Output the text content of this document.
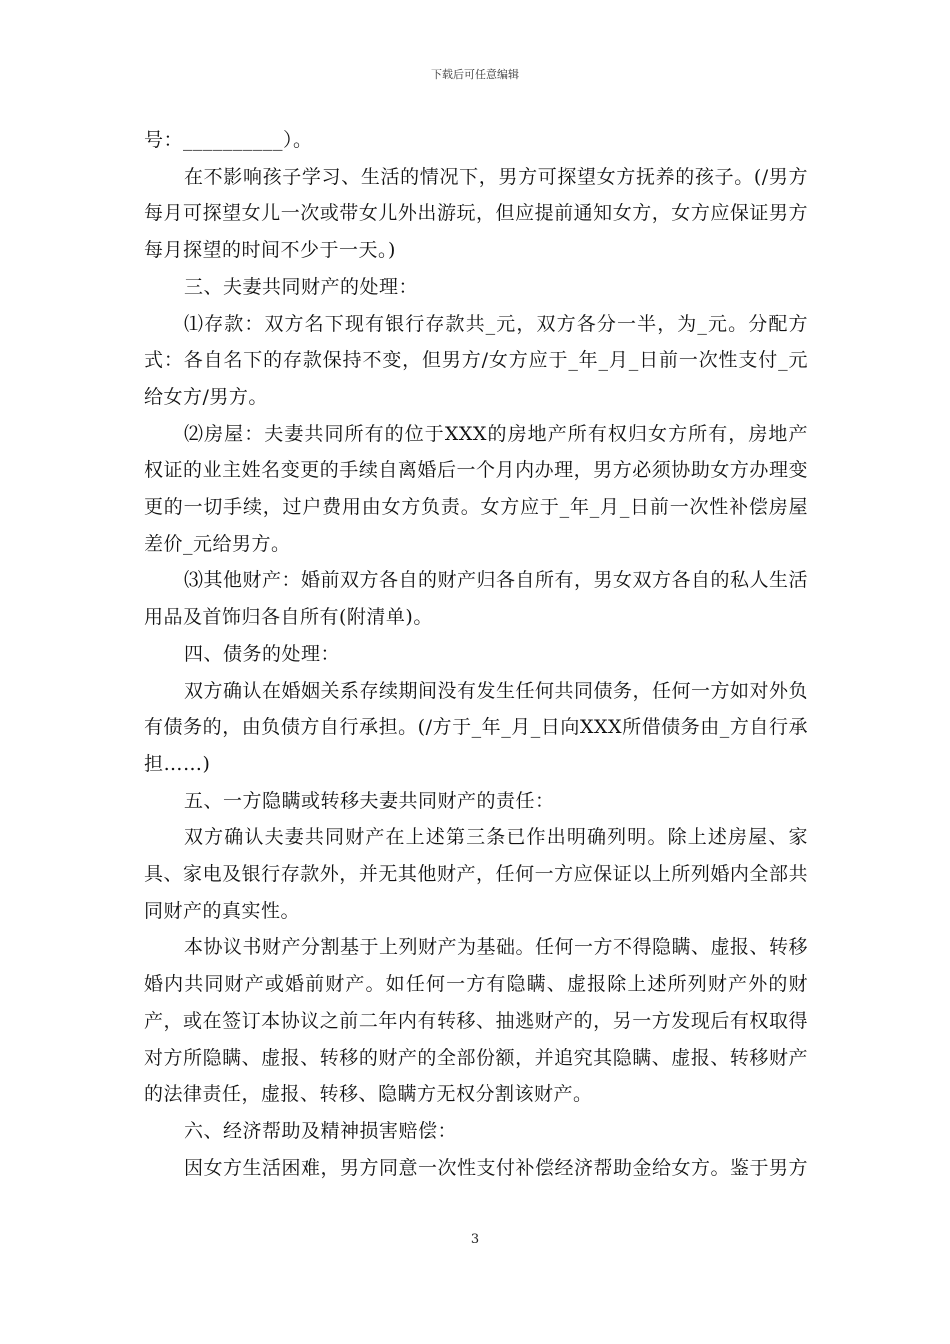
下载后可任意编辑

号：__________）。

在不影响孩子学习、生活的情况下，男方可探望女方抚养的孩子。(/男方每月可探望女儿一次或带女儿外出游玩，但应提前通知女方，女方应保证男方每月探望的时间不少于一天。)

三、夫妻共同财产的处理：

⑴存款：双方名下现有银行存款共_元，双方各分一半，为_元。分配方式：各自名下的存款保持不变，但男方/女方应于_年_月_日前一次性支付_元给女方/男方。

⑵房屋：夫妻共同所有的位于XXX的房地产所有权归女方所有，房地产权证的业主姓名变更的手续自离婚后一个月内办理，男方必须协助女方办理变更的一切手续，过户费用由女方负责。女方应于_年_月_日前一次性补偿房屋差价_元给男方。

⑶其他财产：婚前双方各自的财产归各自所有，男女双方各自的私人生活用品及首饰归各自所有(附清单)。

四、债务的处理：

双方确认在婚姻关系存续期间没有发生任何共同债务，任何一方如对外负有债务的，由负债方自行承担。(/方于_年_月_日向XXX所借债务由_方自行承担……)

五、一方隐瞒或转移夫妻共同财产的责任：

双方确认夫妻共同财产在上述第三条已作出明确列明。除上述房屋、家具、家电及银行存款外，并无其他财产，任何一方应保证以上所列婚内全部共同财产的真实性。

本协议书财产分割基于上列财产为基础。任何一方不得隐瞒、虚报、转移婚内共同财产或婚前财产。如任何一方有隐瞒、虚报除上述所列财产外的财产，或在签订本协议之前二年内有转移、抽逃财产的，另一方发现后有权取得对方所隐瞒、虚报、转移的财产的全部份额，并追究其隐瞒、虚报、转移财产的法律责任，虚报、转移、隐瞒方无权分割该财产。

六、经济帮助及精神损害赔偿：

因女方生活困难，男方同意一次性支付补偿经济帮助金给女方。鉴于男方

3
